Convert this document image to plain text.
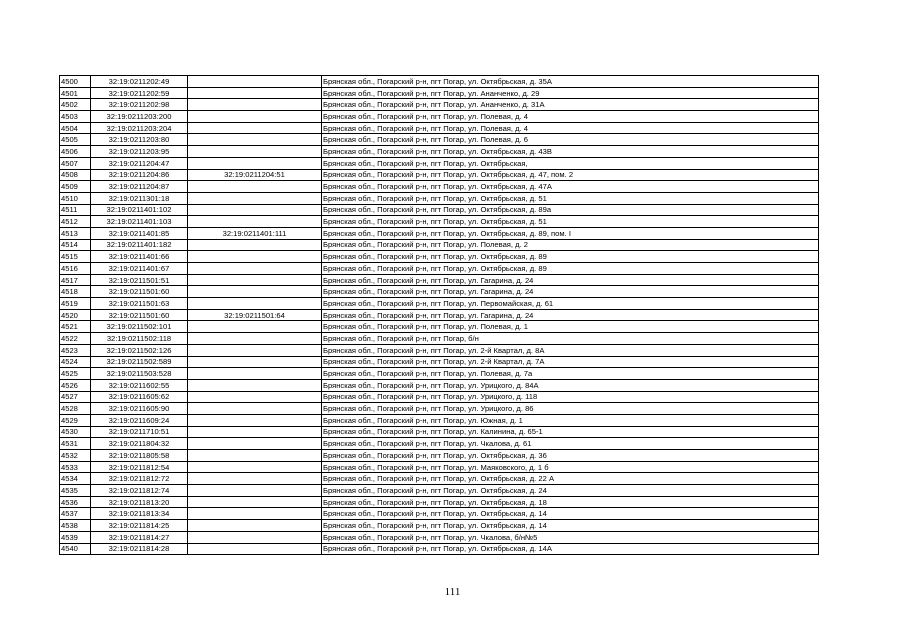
4500	32:19:0211202:49		Брянская обл., Погарский р-н, пгт Погар, ул. Октябрьская, д. 35А
4501	32:19:0211202:59		Брянская обл., Погарский р-н, пгт Погар, ул. Ананченко, д. 29
4502	32:19:0211202:98		Брянская обл., Погарский р-н, пгт Погар, ул. Ананченко, д. 31А
4503	32:19:0211203:200		Брянская обл., Погарский р-н, пгт Погар, ул. Полевая, д. 4
4504	32:19:0211203:204		Брянская обл., Погарский р-н, пгт Погар, ул. Полевая, д. 4
4505	32:19:0211203:80		Брянская обл., Погарский р-н, пгт Погар, ул. Полевая, д. 6
4506	32:19:0211203:95		Брянская обл., Погарский р-н, пгт Погар, ул. Октябрьская, д. 43В
4507	32:19:0211204:47		Брянская обл., Погарский р-н, пгт Погар, ул. Октябрьская,
4508	32:19:0211204:86	32:19:0211204:51	Брянская обл., Погарский р-н, пгт Погар, ул. Октябрьская, д. 47, пом. 2
4509	32:19:0211204:87		Брянская обл., Погарский р-н, пгт Погар, ул. Октябрьская, д. 47А
4510	32:19:0211301:18		Брянская обл., Погарский р-н, пгт Погар, ул. Октябрьская, д. 51
4511	32:19:0211401:102		Брянская обл., Погарский р-н, пгт Погар, ул. Октябрьская, д. 89а
4512	32:19:0211401:103		Брянская обл., Погарский р-н, пгт Погар, ул. Октябрьская, д. 51
4513	32:19:0211401:85	32:19:0211401:111	Брянская обл., Погарский р-н, пгт Погар, ул. Октябрьская, д. 89, пом. I
4514	32:19:0211401:182		Брянская обл., Погарский р-н, пгт Погар, ул. Полевая, д. 2
4515	32:19:0211401:66		Брянская обл., Погарский р-н, пгт Погар, ул. Октябрьская, д. 89
4516	32:19:0211401:67		Брянская обл., Погарский р-н, пгт Погар, ул. Октябрьская, д. 89
4517	32:19:0211501:51		Брянская обл., Погарский р-н, пгт Погар, ул. Гагарина, д. 24
4518	32:19:0211501:60		Брянская обл., Погарский р-н, пгт Погар, ул. Гагарина, д. 24
4519	32:19:0211501:63		Брянская обл., Погарский р-н, пгт Погар, ул. Первомайская, д. 61
4520	32:19:0211501:60	32:19:0211501:64	Брянская обл., Погарский р-н, пгт Погар, ул. Гагарина, д. 24
4521	32:19:0211502:101		Брянская обл., Погарский р-н, пгт Погар, ул. Полевая, д. 1
4522	32:19:0211502:118		Брянская обл., Погарский р-н, пгт Погар, б/н
4523	32:19:0211502:126		Брянская обл., Погарский р-н, пгт Погар, ул. 2-й Квартал, д. 8А
4524	32:19:0211502:589		Брянская обл., Погарский р-н, пгт Погар, ул. 2-й Квартал, д. 7А
4525	32:19:0211503:528		Брянская обл., Погарский р-н, пгт Погар, ул. Полевая, д. 7а
4526	32:19:0211602:55		Брянская обл., Погарский р-н, пгт Погар, ул. Урицкого, д. 84А
4527	32:19:0211605:62		Брянская обл., Погарский р-н, пгт Погар, ул. Урицкого, д. 118
4528	32:19:0211605:90		Брянская обл., Погарский р-н, пгт Погар, ул. Урицкого, д. 86
4529	32:19:0211609:24		Брянская обл., Погарский р-н, пгт Погар, ул. Южная, д. 1
4530	32:19:0211710:51		Брянская обл., Погарский р-н, пгт Погар, ул. Калинина, д. 65-1
4531	32:19:0211804:32		Брянская обл., Погарский р-н, пгт Погар, ул. Чкалова, д. 61
4532	32:19:0211805:58		Брянская обл., Погарский р-н, пгт Погар, ул. Октябрьская, д. 36
4533	32:19:0211812:54		Брянская обл., Погарский р-н, пгт Погар, ул. Маяковского, д. 1 б
4534	32:19:0211812:72		Брянская обл., Погарский р-н, пгт Погар, ул. Октябрьская, д. 22 А
4535	32:19:0211812:74		Брянская обл., Погарский р-н, пгт Погар, ул. Октябрьская, д. 24
4536	32:19:0211813:20		Брянская обл., Погарский р-н, пгт Погар, ул. Октябрьская, д. 18
4537	32:19:0211813:34		Брянская обл., Погарский р-н, пгт Погар, ул. Октябрьская, д. 14
4538	32:19:0211814:25		Брянская обл., Погарский р-н, пгт Погар, ул. Октябрьская, д. 14
4539	32:19:0211814:27		Брянская обл., Погарский р-н, пгт Погар, ул. Чкалова, б/н№5
4540	32:19:0211814:28		Брянская обл., Погарский р-н, пгт Погар, ул. Октябрьская, д. 14А
111
